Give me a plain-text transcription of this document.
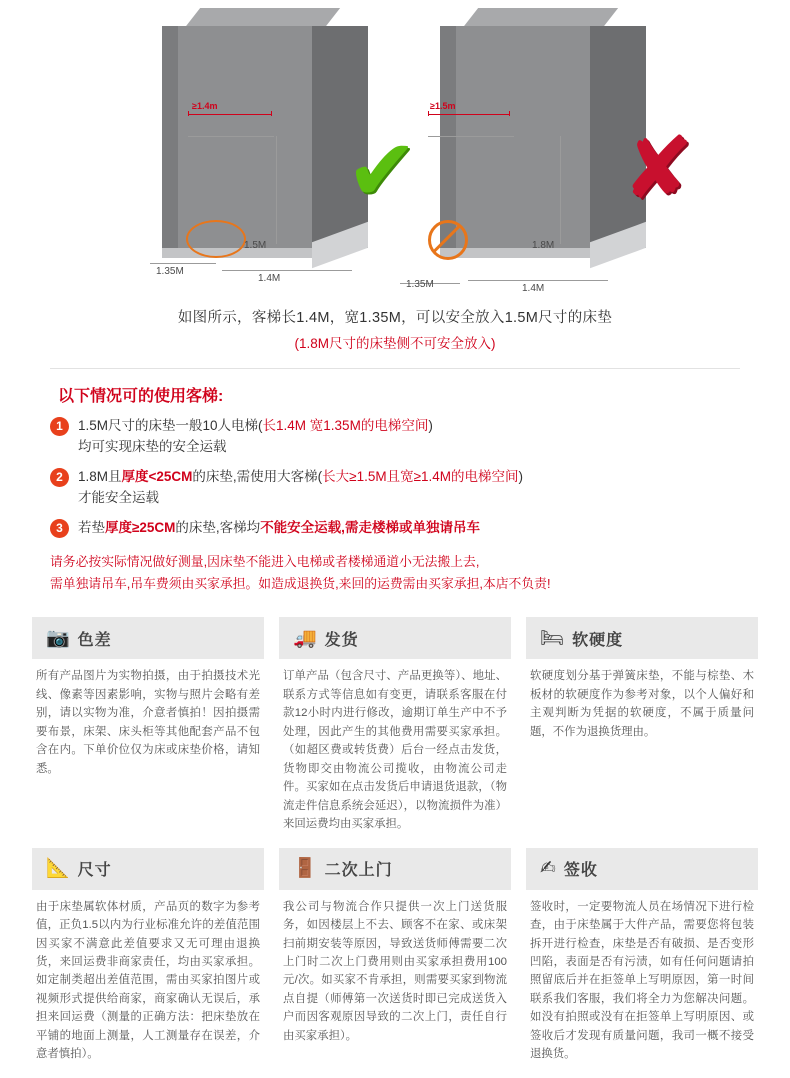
≥1.4m
✔
1.5M
1.35M
1.4M
≥1.5m
✘
1.8M
1.35M	1.4M
如图所示，客梯长1.4M，宽1.35M，可以安全放入1.5M尺寸的床垫
(1.8M尺寸的床垫侧不可安全放入)
以下情况可的使用客梯:
1	1.5M尺寸的床垫一般10人电梯(长1.4M 宽1.35M的电梯空间)
均可实现床垫的安全运载
2	1.8M且厚度<25CM的床垫,需使用大客梯(长大≥1.5M且宽≥1.4M的电梯空间)
才能安全运载
3	若垫厚度≥25CM的床垫,客梯均不能安全运载,需走楼梯或单独请吊车
请务必按实际情况做好测量,因床垫不能进入电梯或者楼梯通道小无法搬上去,
需单独请吊车,吊车费须由买家承担。如造成退换货,来回的运费需由买家承担,本店不负责!
📷 色差
所有产品图片为实物拍摄，由于拍摄技术光线、像素等因素影响，实物与照片会略有差别，请以实物为准，介意者慎拍！因拍摄需要布景，床架、床头柜等其他配套产品不包含在内。下单价位仅为床或床垫价格，请知悉。
🚚 发货
订单产品（包含尺寸、产品更换等）、地址、联系方式等信息如有变更，请联系客服在付款12小时内进行修改，逾期订单生产中不予处理，因此产生的其他费用需要买家承担。（如超区费或转货费）后台一经点击发货，货物即交由物流公司揽收，由物流公司走件。买家如在点击发货后申请退货退款，（物流走件信息系统会延迟），以物流损件为准）来回运费均由买家承担。
🛏 软硬度
软硬度划分基于弹簧床垫，不能与棕垫、木板材的软硬度作为参考对象，以个人偏好和主观判断为凭据的软硬度，不属于质量问题，不作为退换货理由。
📐 尺寸
由于床垫属软体材质，产品页的数字为参考值，正负1.5以内为行业标准允许的差值范围因买家不满意此差值要求又无可理由退换货，来回运费非商家责任，均由买家承担。如定制类超出差值范围，需由买家拍图片或视频形式提供给商家，商家确认无误后，承担来回运费（测量的正确方法：把床垫放在平铺的地面上测量，人工测量存在误差，介意者慎拍）。
🚪 二次上门
我公司与物流合作只提供一次上门送货服务，如因楼层上不去、顾客不在家、或床架扫前期安装等原因，导致送货师傅需要二次上门时二次上门费用则由买家承担费用100元/次。如买家不肯承担，则需要买家到物流点自提（师傅第一次送货时即已完成送货入户而因客观原因导致的二次上门，责任自行由买家承担）。
✍ 签收
签收时，一定要物流人员在场情况下进行检查，由于床垫属于大件产品，需要您将包装拆开进行检查，床垫是否有破损、是否变形凹陷，表面是否有污渍，如有任何问题请拍照留底后并在拒签单上写明原因，第一时间联系我们客服，我们将全力为您解决问题。如没有拍照或没有在拒签单上写明原因、或签收后才发现有质量问题，我司一概不接受退换货。
